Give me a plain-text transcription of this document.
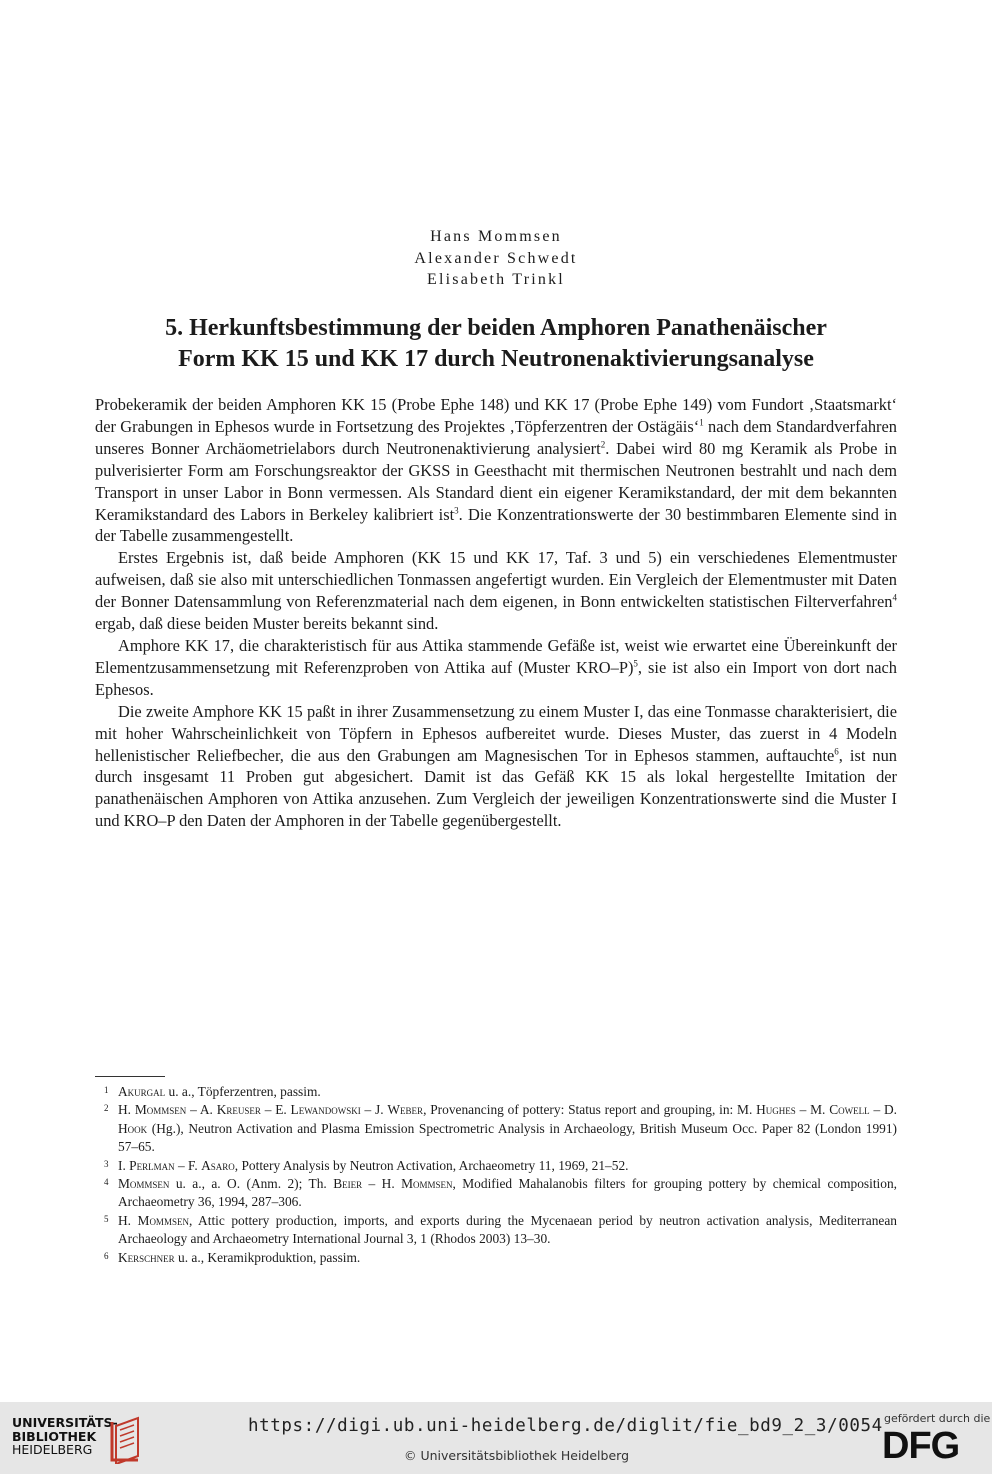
Hans Mommsen
Alexander Schwedt
Elisabeth Trinkl
5. Herkunftsbestimmung der beiden Amphoren Panathenäischer
Form KK 15 und KK 17 durch Neutronenaktivierungsanalyse

Probekeramik der beiden Amphoren KK 15 (Probe Ephe 148) und KK 17 (Probe Ephe 149) vom Fundort ‚Staatsmarkt‘ der Grabungen in Ephesos wurde in Fortsetzung des Projektes ‚Töpferzentren der Ostägäis‘$^1$ nach dem Standardverfahren unseres Bonner Archäometrielabors durch Neutronenaktivierung analysiert$^2$. Dabei wird 80 mg Keramik als Probe in pulverisierter Form am Forschungsreaktor der GKSS in Geesthacht mit thermischen Neutronen bestrahlt und nach dem Transport in unser Labor in Bonn vermessen. Als Standard dient ein eigener Keramikstandard, der mit dem bekannten Keramikstandard des Labors in Berkeley kalibriert ist$^3$. Die Konzentrationswerte der 30 bestimmbaren Elemente sind in der Tabelle zusammengestellt.

Erstes Ergebnis ist, daß beide Amphoren (KK 15 und KK 17, Taf. 3 und 5) ein verschiedenes Elementmuster aufweisen, daß sie also mit unterschiedlichen Tonmassen angefertigt wurden. Ein Vergleich der Elementmuster mit Daten der Bonner Datensammlung von Referenzmaterial nach dem eigenen, in Bonn entwickelten statistischen Filterverfahren$^4$ ergab, daß diese beiden Muster bereits bekannt sind.

Amphore KK 17, die charakteristisch für aus Attika stammende Gefäße ist, weist wie erwartet eine Übereinkunft der Elementzusammensetzung mit Referenzproben von Attika auf (Muster KRO–P)$^5$, sie ist also ein Import von dort nach Ephesos.

Die zweite Amphore KK 15 paßt in ihrer Zusammensetzung zu einem Muster I, das eine Tonmasse charakterisiert, die mit hoher Wahrscheinlichkeit von Töpfern in Ephesos aufbereitet wurde. Dieses Muster, das zuerst in 4 Modeln hellenistischer Reliefbecher, die aus den Grabungen am Magnesischen Tor in Ephesos stammen, auftauchte$^6$, ist nun durch insgesamt 11 Proben gut abgesichert. Damit ist das Gefäß KK 15 als lokal hergestellte Imitation der panathenäischen Amphoren von Attika anzusehen. Zum Vergleich der jeweiligen Konzentrationswerte sind die Muster I und KRO–P den Daten der Amphoren in der Tabelle gegenübergestellt.

1 Akurgal u. a., Töpferzentren, passim.
2 H. Mommsen – A. Kreuser – E. Lewandowski – J. Weber, Provenancing of pottery: Status report and grouping, in: M. Hughes – M. Cowell – D. Hook (Hg.), Neutron Activation and Plasma Emission Spectrometric Analysis in Archaeology, British Museum Occ. Paper 82 (London 1991) 57–65.
3 I. Perlman – F. Asaro, Pottery Analysis by Neutron Activation, Archaeometry 11, 1969, 21–52.
4 Mommsen u. a., a. O. (Anm. 2); Th. Beier – H. Mommsen, Modified Mahalanobis filters for grouping pottery by chemical composition, Archaeometry 36, 1994, 287–306.
5 H. Mommsen, Attic pottery production, imports, and exports during the Mycenaean period by neutron activation analysis, Mediterranean Archaeology and Archaeometry International Journal 3, 1 (Rhodos 2003) 13–30.
6 Kerschner u. a., Keramikproduktion, passim.
UNIVERSITÄTS-
BIBLIOTHEK
HEIDELBERG
https://digi.ub.uni-heidelberg.de/diglit/fie_bd9_2_3/0054
© Universitätsbibliothek Heidelberg
gefördert durch die
DFG
